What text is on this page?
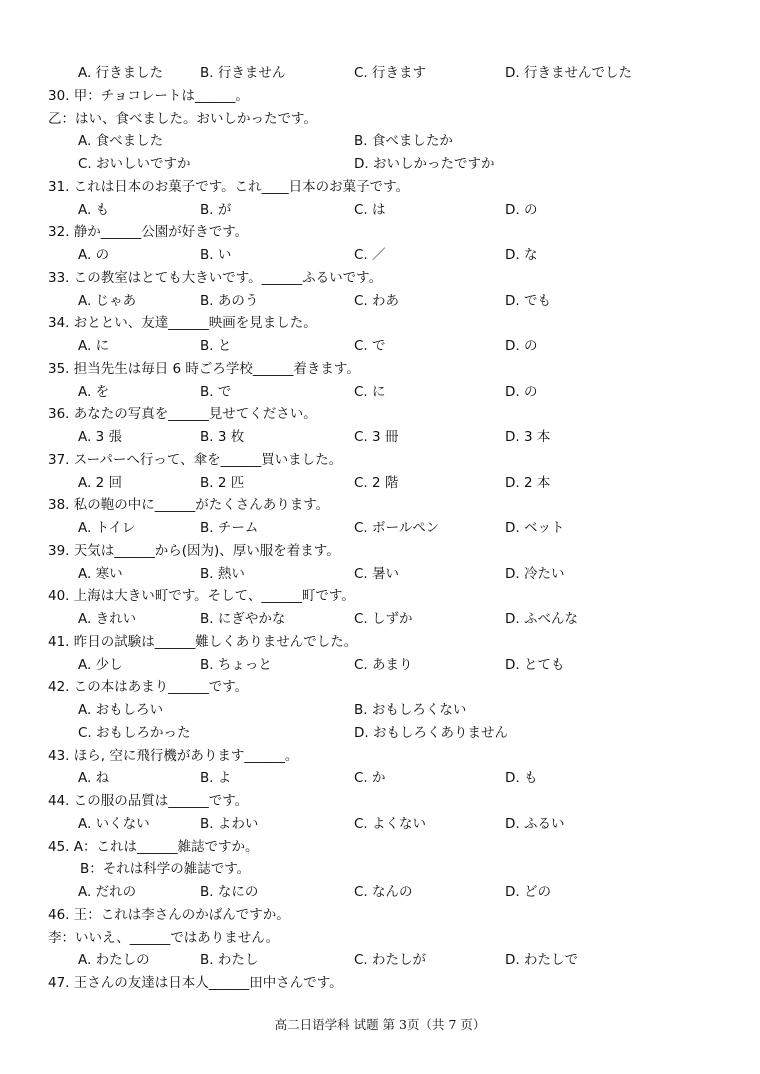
A. 行きました	B. 行きません	C. 行きます	D. 行きませんでした
30. 甲：チョコレートは______。
乙：はい、食べました。おいしかったです。
A. 食べました	B. 食べましたか
C. おいしいですか	D. おいしかったですか
31. これは日本のお菓子です。これ____日本のお菓子です。
A. も	B. が	C. は	D. の
32. 静か______公園が好きです。
A. の	B. い	C. ／	D. な
33. この教室はとても大きいです。______ふるいです。
A. じゃあ	B. あのう	C. わあ	D. でも
34. おととい、友達______映画を見ました。
A. に	B. と	C. で	D. の
35. 担当先生は毎日 6 時ごろ学校______着きます。
A. を	B. で	C. に	D. の
36. あなたの写真を______見せてください。
A. 3 張	B. 3 枚	C. 3 冊	D. 3 本
37. スーパーへ行って、傘を______買いました。
A. 2 回	B. 2 匹	C. 2 階	D. 2 本
38. 私の鞄の中に______がたくさんあります。
A. トイレ	B. チーム	C. ボールペン	D. ベット
39. 天気は______から(因为)、厚い服を着ます。
A. 寒い	B. 熱い	C. 暑い	D. 冷たい
40. 上海は大きい町です。そして、______町です。
A. きれい	B. にぎやかな	C. しずか	D. ふべんな
41. 昨日の試験は______難しくありませんでした。
A. 少し	B. ちょっと	C. あまり	D. とても
42. この本はあまり______です。
A. おもしろい	B. おもしろくない
C. おもしろかった	D. おもしろくありません
43. ほら, 空に飛行機があります______。
A. ね	B. よ	C. か	D. も
44. この服の品質は______です。
A. いくない	B. よわい	C. よくない	D. ふるい
45. A：これは______雑誌ですか。
B：それは科学の雑誌です。
A. だれの	B. なにの	C. なんの	D. どの
46. 王：これは李さんのかばんですか。
李：いいえ、______ではありません。
A. わたしの	B. わたし	C. わたしが	D. わたしで
47. 王さんの友達は日本人______田中さんです。
高二日语学科 试题 第 3页（共 7 页）
